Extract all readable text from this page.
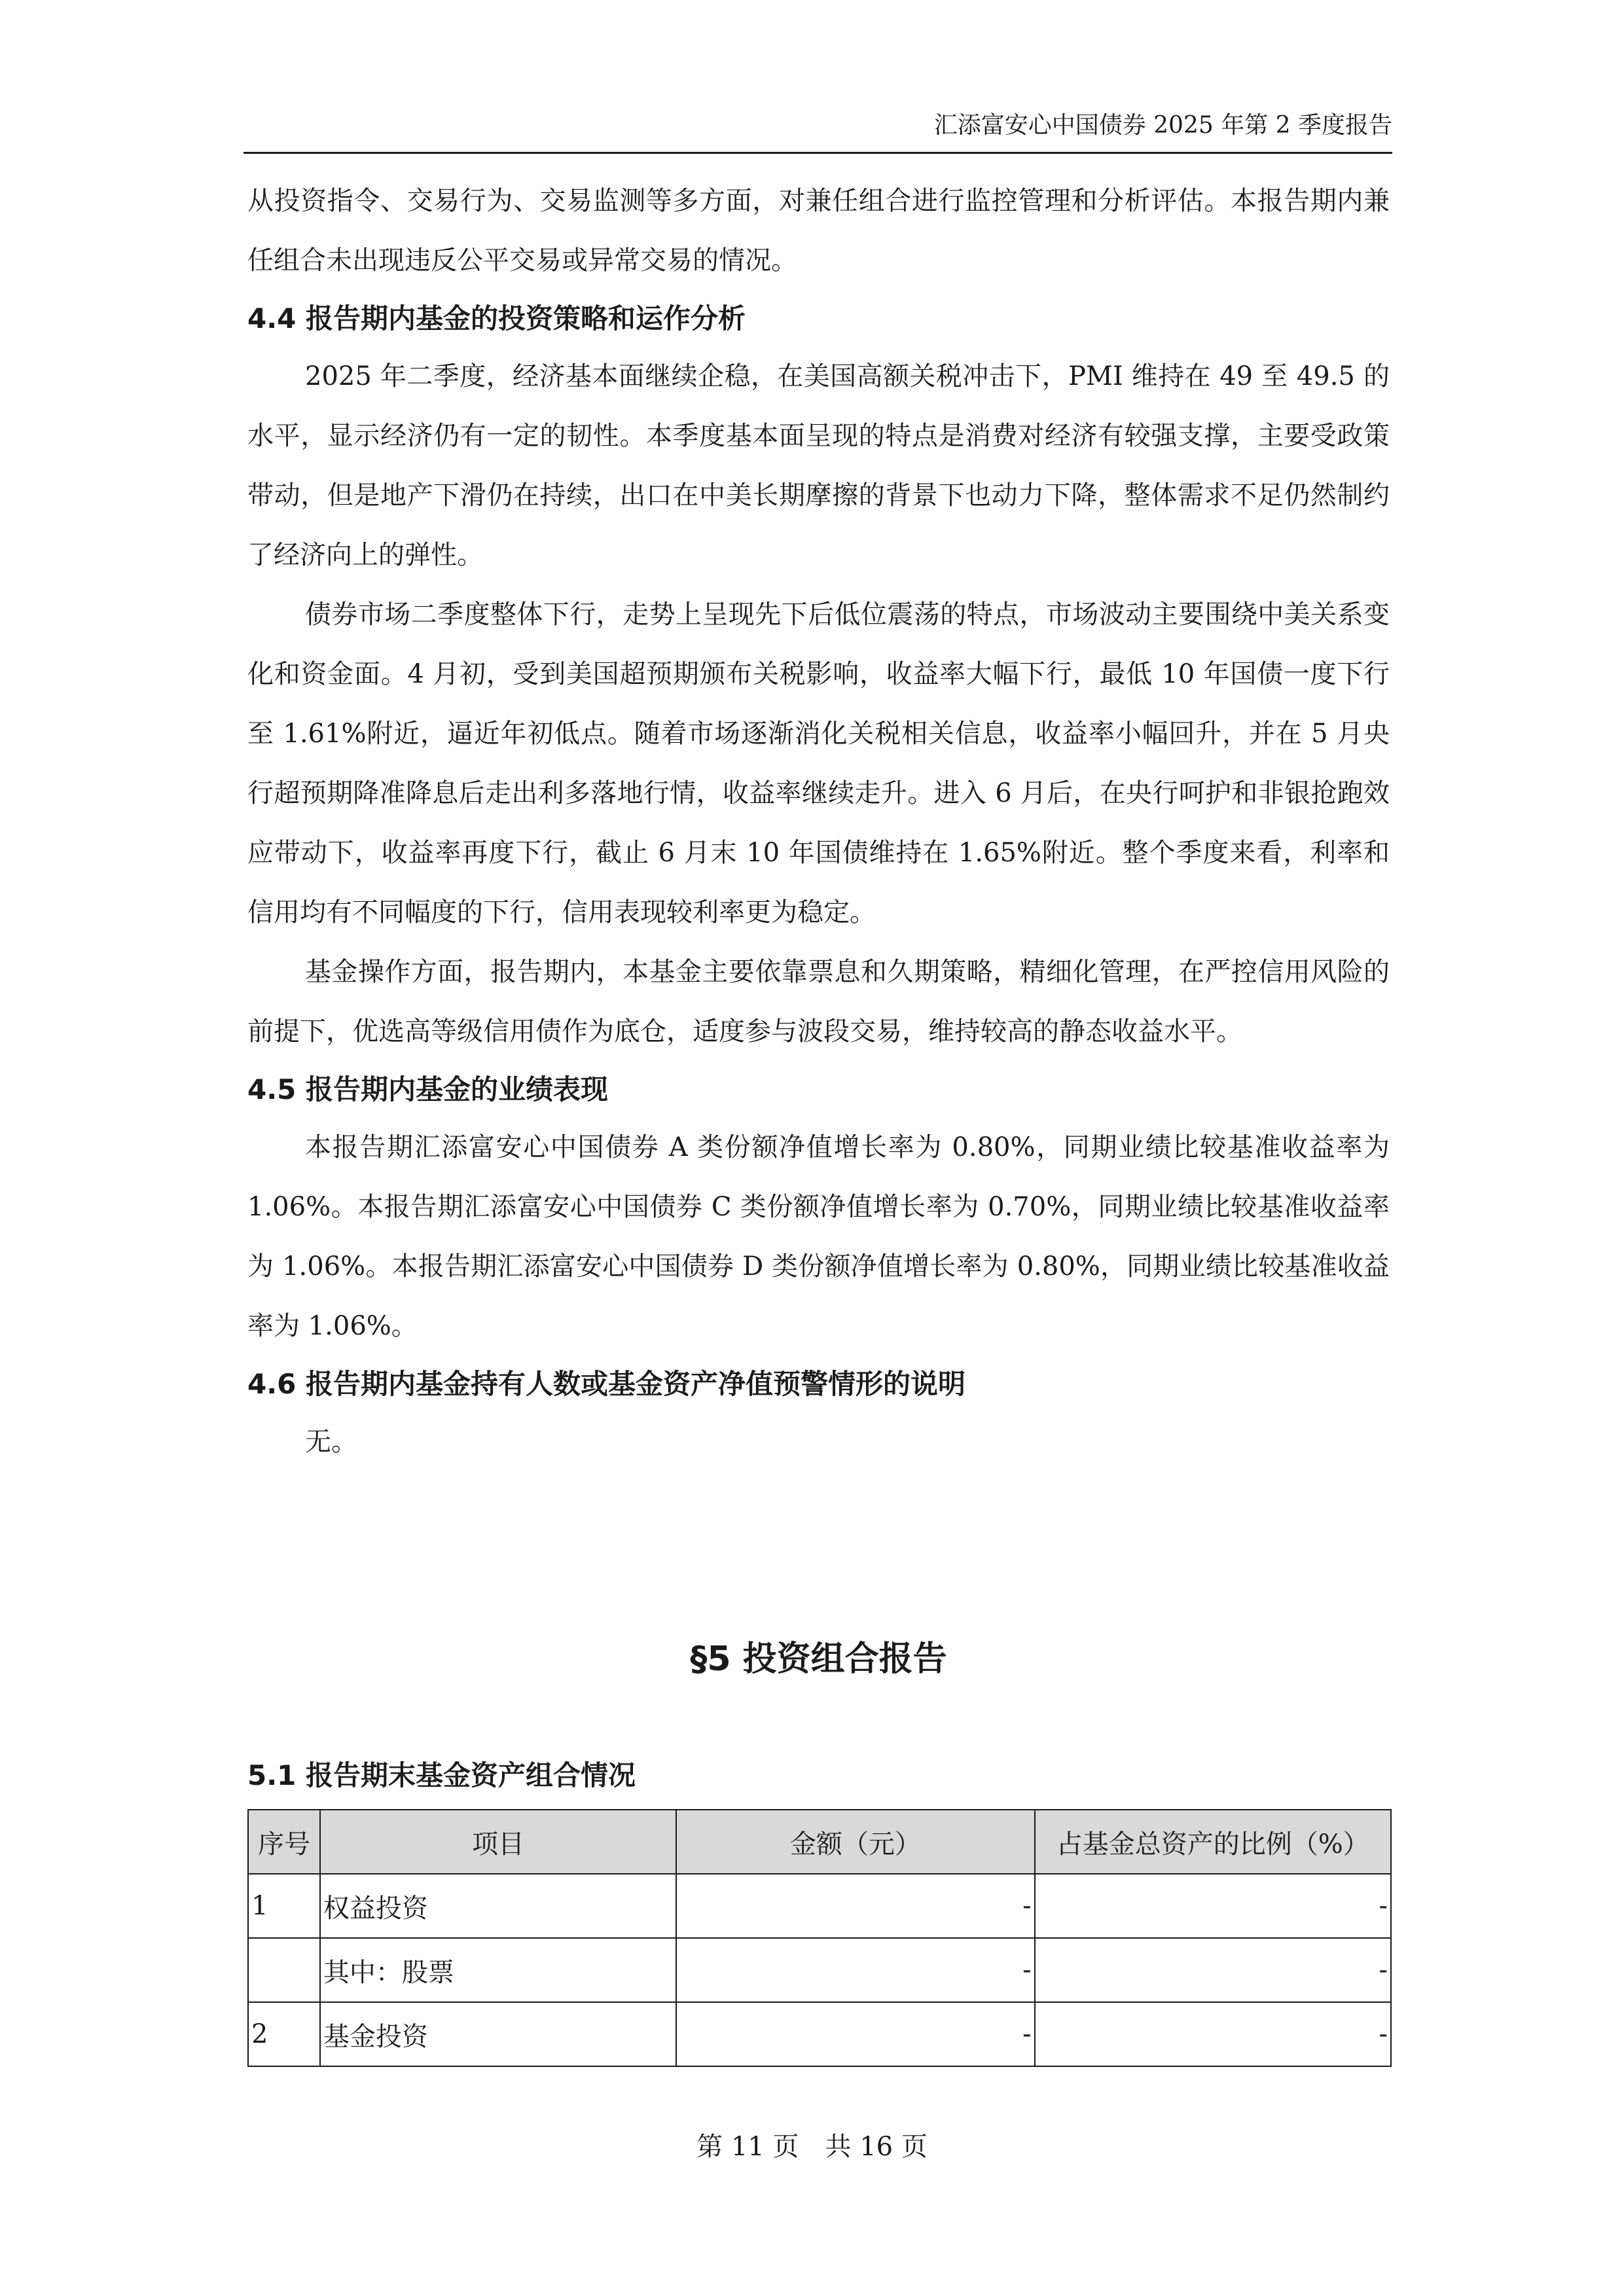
汇添富安心中国债券 2025 年第 2 季度报告

从投资指令、交易行为、交易监测等多方面，对兼任组合进行监控管理和分析评估。本报告期内兼任组合未出现违反公平交易或异常交易的情况。

4.4 报告期内基金的投资策略和运作分析

2025 年二季度，经济基本面继续企稳，在美国高额关税冲击下，PMI 维持在 49 至 49.5 的水平，显示经济仍有一定的韧性。本季度基本面呈现的特点是消费对经济有较强支撑，主要受政策带动，但是地产下滑仍在持续，出口在中美长期摩擦的背景下也动力下降，整体需求不足仍然制约了经济向上的弹性。

债券市场二季度整体下行，走势上呈现先下后低位震荡的特点，市场波动主要围绕中美关系变化和资金面。4 月初，受到美国超预期颁布关税影响，收益率大幅下行，最低 10 年国债一度下行至 1.61%附近，逼近年初低点。随着市场逐渐消化关税相关信息，收益率小幅回升，并在 5 月央行超预期降准降息后走出利多落地行情，收益率继续走升。进入 6 月后，在央行呵护和非银抢跑效应带动下，收益率再度下行，截止 6 月末 10 年国债维持在 1.65%附近。整个季度来看，利率和信用均有不同幅度的下行，信用表现较利率更为稳定。

基金操作方面，报告期内，本基金主要依靠票息和久期策略，精细化管理，在严控信用风险的前提下，优选高等级信用债作为底仓，适度参与波段交易，维持较高的静态收益水平。

4.5 报告期内基金的业绩表现

本报告期汇添富安心中国债券 A 类份额净值增长率为 0.80%，同期业绩比较基准收益率为 1.06%。本报告期汇添富安心中国债券 C 类份额净值增长率为 0.70%，同期业绩比较基准收益率为 1.06%。本报告期汇添富安心中国债券 D 类份额净值增长率为 0.80%，同期业绩比较基准收益率为 1.06%。

4.6 报告期内基金持有人数或基金资产净值预警情形的说明

无。

§5 投资组合报告
5.1 报告期末基金资产组合情况
序号	项目	金额（元）	占基金总资产的比例（%）
1	权益投资	-	-
	其中：股票	-	-
2	基金投资	-	-
第 11 页　共 16 页
